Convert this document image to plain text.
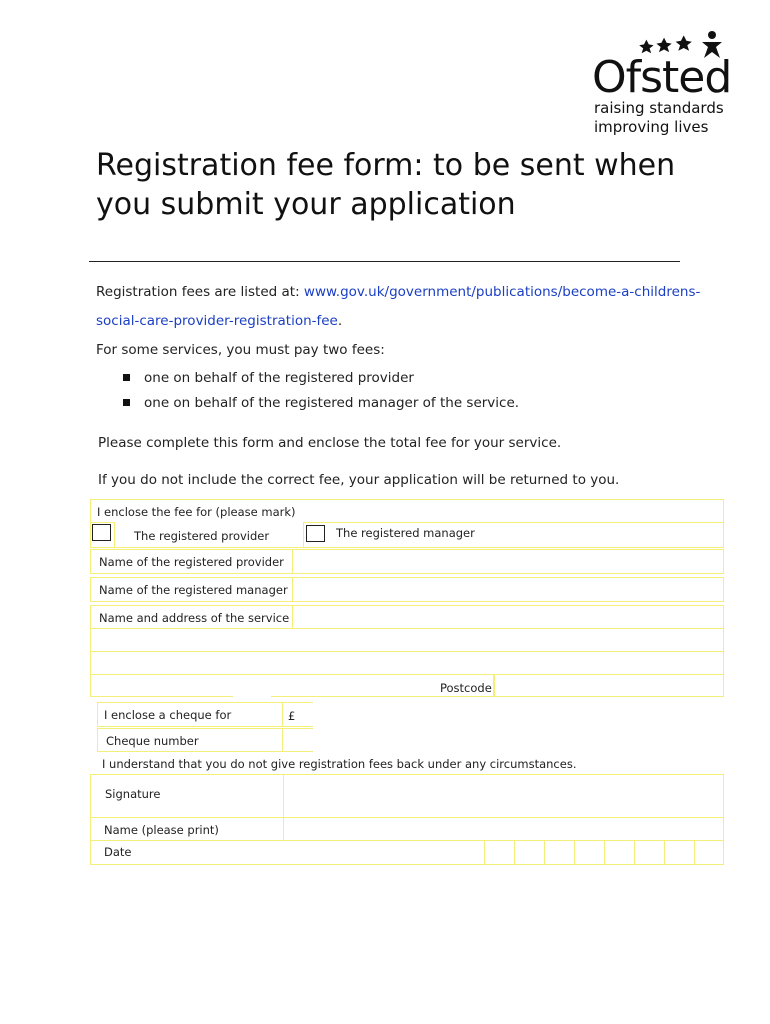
Ofsted
raising standards
improving lives
Registration fee form: to be sent when
you submit your application
Registration fees are listed at: www.gov.uk/government/publications/become-a-childrens-
social-care-provider-registration-fee.
For some services, you must pay two fees:
one on behalf of the registered provider
one on behalf of the registered manager of the service.
Please complete this form and enclose the total fee for your service.
If you do not include the correct fee, your application will be returned to you.
I enclose the fee for (please mark)
The registered provider	The registered manager
Name of the registered provider
Name of the registered manager
Name and address of the service
Postcode
I enclose a cheque for	£
Cheque number
I understand that you do not give registration fees back under any circumstances.
Signature
Name (please print)
Date
